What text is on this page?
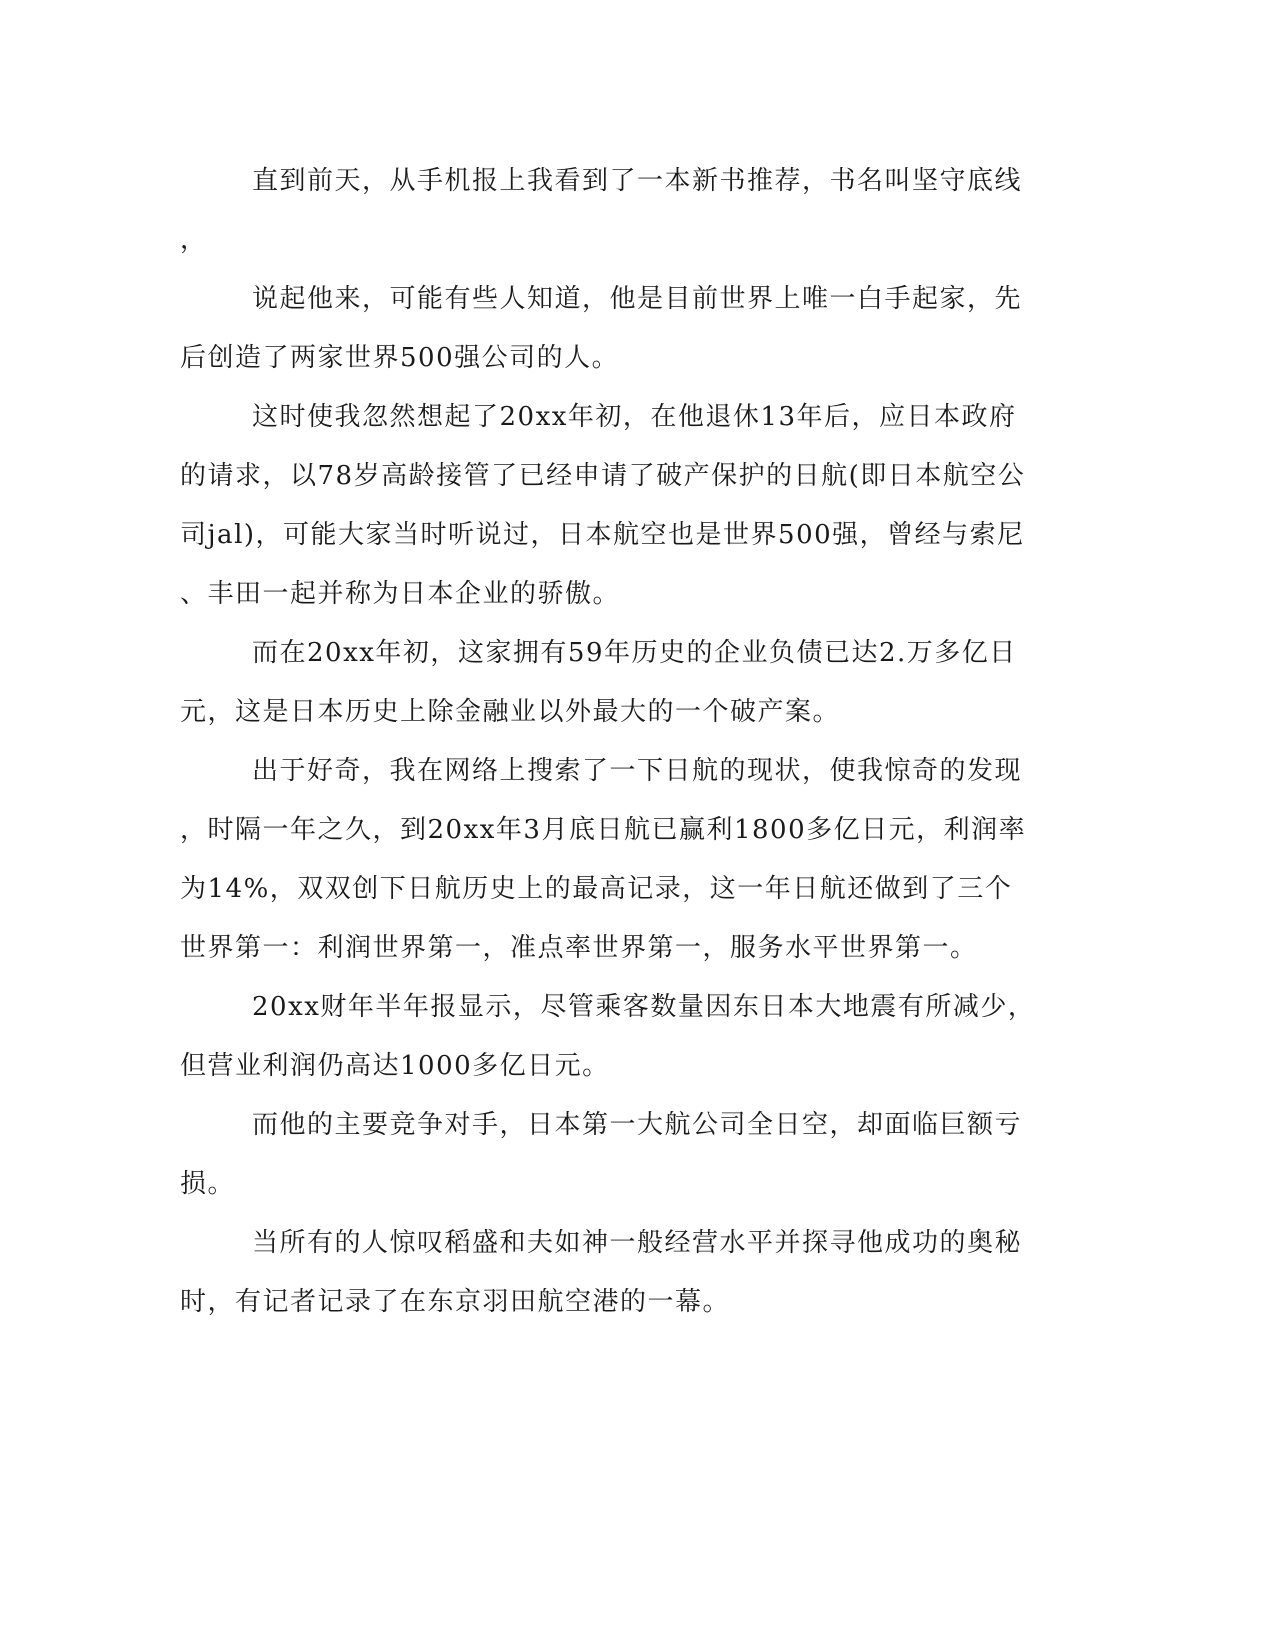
直到前天，从手机报上我看到了一本新书推荐，书名叫坚守底线
，

说起他来，可能有些人知道，他是目前世界上唯一白手起家，先
后创造了两家世界500强公司的人。

这时使我忽然想起了20xx年初，在他退休13年后，应日本政府
的请求，以78岁高龄接管了已经申请了破产保护的日航(即日本航空公
司jal)，可能大家当时听说过，日本航空也是世界500强，曾经与索尼
、丰田一起并称为日本企业的骄傲。

而在20xx年初，这家拥有59年历史的企业负债已达2.万多亿日
元，这是日本历史上除金融业以外最大的一个破产案。

出于好奇，我在网络上搜索了一下日航的现状，使我惊奇的发现
，时隔一年之久，到20xx年3月底日航已赢利1800多亿日元，利润率
为14%，双双创下日航历史上的最高记录，这一年日航还做到了三个
世界第一：利润世界第一，准点率世界第一，服务水平世界第一。

20xx财年半年报显示，尽管乘客数量因东日本大地震有所减少，
但营业利润仍高达1000多亿日元。

而他的主要竞争对手，日本第一大航公司全日空，却面临巨额亏
损。

当所有的人惊叹稻盛和夫如神一般经营水平并探寻他成功的奥秘
时，有记者记录了在东京羽田航空港的一幕。
